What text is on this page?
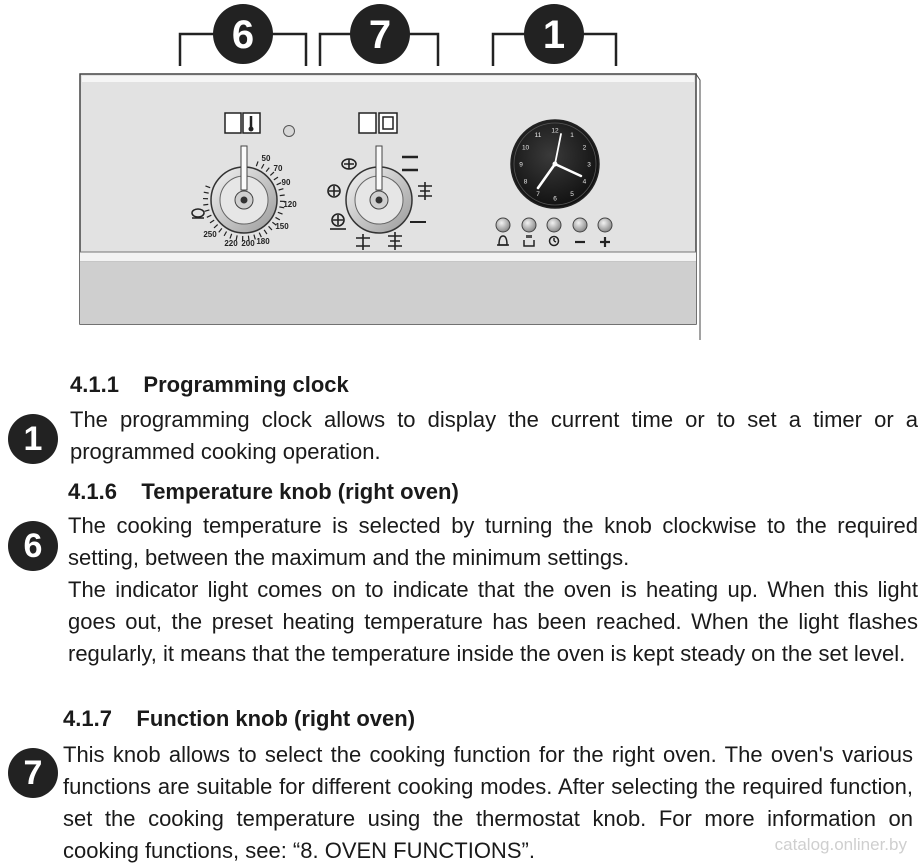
6	7	1
50
70
90
120
150
180
200
220
250
12
1
2
3
4
5
6
7
8
9
10
11
1
4.1.1 Programming clock

The programming clock allows to display the current time or to set a timer or a programmed cooking operation.

6
4.1.6 Temperature knob (right oven)

The cooking temperature is selected by turning the knob clockwise to the required setting, between the maximum and the minimum settings.

The indicator light comes on to indicate that the oven is heating up. When this light goes out, the preset heating temperature has been reached. When the light flashes regularly, it means that the temperature inside the oven is kept steady on the set level.

7
4.1.7 Function knob (right oven)

This knob allows to select the cooking function for the right oven. The oven's various functions are suitable for different cooking modes. After selecting the required function, set the cooking temperature using the thermostat knob. For more information on cooking functions, see: “8. OVEN FUNCTIONS”.	catalog.onliner.by
